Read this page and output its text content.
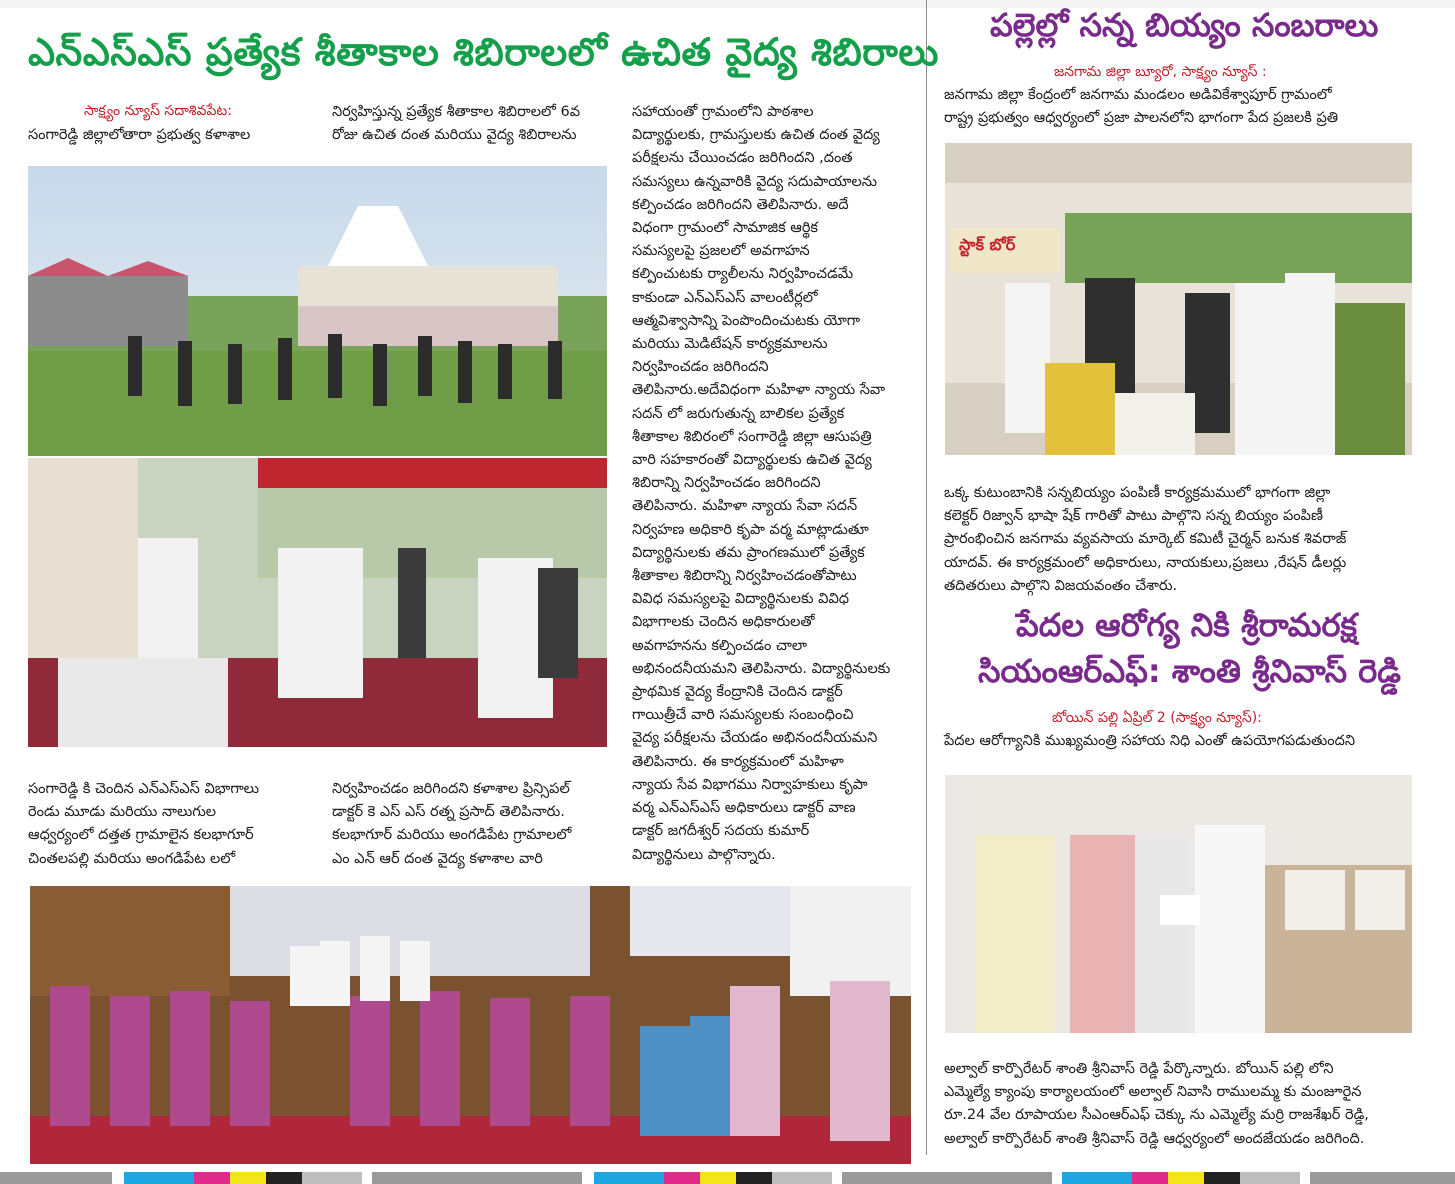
ఎన్ఎస్ఎస్ ప్రత్యేక శీతాకాల శిబిరాలలో ఉచిత వైద్య శిబిరాలు
సాక్ష్యం న్యూస్ సదాశివపేట:

సంగారెడ్డి జిల్లాలోతారా ప్రభుత్వ కళాశాల

నిర్వహిస్తున్న ప్రత్యేక శీతాకాల శిబిరాలలో 6వ

రోజు ఉచిత దంత మరియు వైద్య శిబిరాలను

సహాయంతో గ్రామంలోని పాఠశాల

విద్యార్థులకు, గ్రామస్తులకు ఉచిత దంత వైద్య

పరీక్షలను చేయించడం జరిగిందని ,దంత

సమస్యలు ఉన్నవారికి వైద్య సదుపాయాలను

కల్పించడం జరిగిందని తెలిపినారు. అదే

విధంగా గ్రామంలో సామాజిక ఆర్థిక

సమస్యలపై ప్రజలలో అవగాహన

కల్పించుటకు ర్యాలీలను నిర్వహించడమే

కాకుండా ఎన్ఎస్ఎస్ వాలంటీర్లలో

ఆత్మవిశ్వాసాన్ని పెంపొందించుటకు యోగా

మరియు మెడిటేషన్ కార్యక్రమాలను

నిర్వహించడం జరిగిందని

తెలిపినారు.అదేవిధంగా మహిళా న్యాయ సేవా

సదన్ లో జరుగుతున్న బాలికల ప్రత్యేక

శీతాకాల శిబిరంలో సంగారెడ్డి జిల్లా ఆసుపత్రి

వారి సహకారంతో విద్యార్థులకు ఉచిత వైద్య

శిబిరాన్ని నిర్వహించడం జరిగిందని

తెలిపినారు. మహిళా న్యాయ సేవా సదన్

నిర్వహణ అధికారి కృపా వర్మ మాట్లాడుతూ

విద్యార్థినులకు తమ ప్రాంగణములో ప్రత్యేక

శీతాకాల శిబిరాన్ని నిర్వహించడంతోపాటు

వివిధ సమస్యలపై విద్యార్థినులకు వివిధ

విభాగాలకు చెందిన అధికారులతో

అవగాహనను కల్పించడం చాలా

అభినందనీయమని తెలిపినారు. విద్యార్థినులకు

ప్రాథమిక వైద్య కేంద్రానికి చెందిన డాక్టర్

గాయిత్రీచే వారి సమస్యలకు సంబంధించి

వైద్య పరీక్షలను చేయడం అభినందనీయమని

తెలిపినారు. ఈ కార్యక్రమంలో మహిళా

న్యాయ సేవ విభాగము నిర్వాహకులు కృపా

వర్మ ఎన్ఎస్ఎస్ అధికారులు డాక్టర్ వాణ

డాక్టర్ జగదీశ్వర్ సదయ కుమార్

విద్యార్థినులు పాల్గొన్నారు.

సంగారెడ్డి కి చెందిన ఎన్ఎస్ఎస్ విభాగాలు

రెండు మూడు మరియు నాలుగుల

ఆధ్వర్యంలో దత్తత గ్రామాలైన కలభాగూర్

చింతలపల్లి మరియు అంగడిపేట లలో

నిర్వహించడం జరిగిందని కళాశాల ప్రిన్సిపల్

డాక్టర్ కె ఎస్ ఎస్ రత్న ప్రసాద్ తెలిపినారు.

కలభాగూర్ మరియు అంగడిపేట గ్రామాలలో

ఎం ఎన్ ఆర్ దంత వైద్య కళాశాల వారి

పల్లెల్లో సన్న బియ్యం సంబరాలు
జనగామ జిల్లా బ్యూరో, సాక్ష్యం న్యూస్ :

జనగామ జిల్లా కేంద్రంలో జనగామ మండలం అడివికేశ్వాపూర్ గ్రామంలో

రాష్ట్ర ప్రభుత్వం ఆధ్వర్యంలో ప్రజా పాలనలోని భాగంగా పేద ప్రజలకి ప్రతి

స్టాక్ బోర్

ఒక్క కుటుంబానికి సన్నబియ్యం పంపిణీ కార్యక్రమములో భాగంగా జిల్లా

కలెక్టర్ రిజ్వాన్ భాషా షేక్ గారితో పాటు పాల్గొని సన్న బియ్యం పంపిణీ

ప్రారంభించిన జనగామ వ్యవసాయ మార్కెట్ కమిటీ చైర్మన్ బనుక శివరాజ్

యాదవ్. ఈ కార్యక్రమంలో అధికారులు, నాయకులు,ప్రజలు ,రేషన్ డీలర్లు

తదితరులు పాల్గొని విజయవంతం చేశారు.

పేదల ఆరోగ్య నికి శ్రీరామరక్ష
సియంఆర్ఎఫ్: శాంతి శ్రీనివాస్ రెడ్డి
బోయిన్ పల్లి ఏప్రిల్ 2 (సాక్ష్యం న్యూస్):

పేదల ఆరోగ్యానికి ముఖ్యమంత్రి సహాయ నిధి ఎంతో ఉపయోగపడుతుందని

అల్వాల్ కార్పొరేటర్ శాంతి శ్రీనివాస్ రెడ్డి పేర్కొన్నారు. బోయిన్ పల్లి లోని

ఎమ్మెల్యే క్యాంపు కార్యాలయంలో అల్వాల్ నివాసి రాములమ్మ కు మంజూరైన

రూ.24 వేల రూపాయల సీఎంఆర్ఎఫ్ చెక్కు ను ఎమ్మెల్యే మర్రి రాజశేఖర్ రెడ్డి,

అల్వాల్ కార్పొరేటర్ శాంతి శ్రీనివాస్ రెడ్డి ఆధ్వర్యంలో అందజేయడం జరిగింది.
